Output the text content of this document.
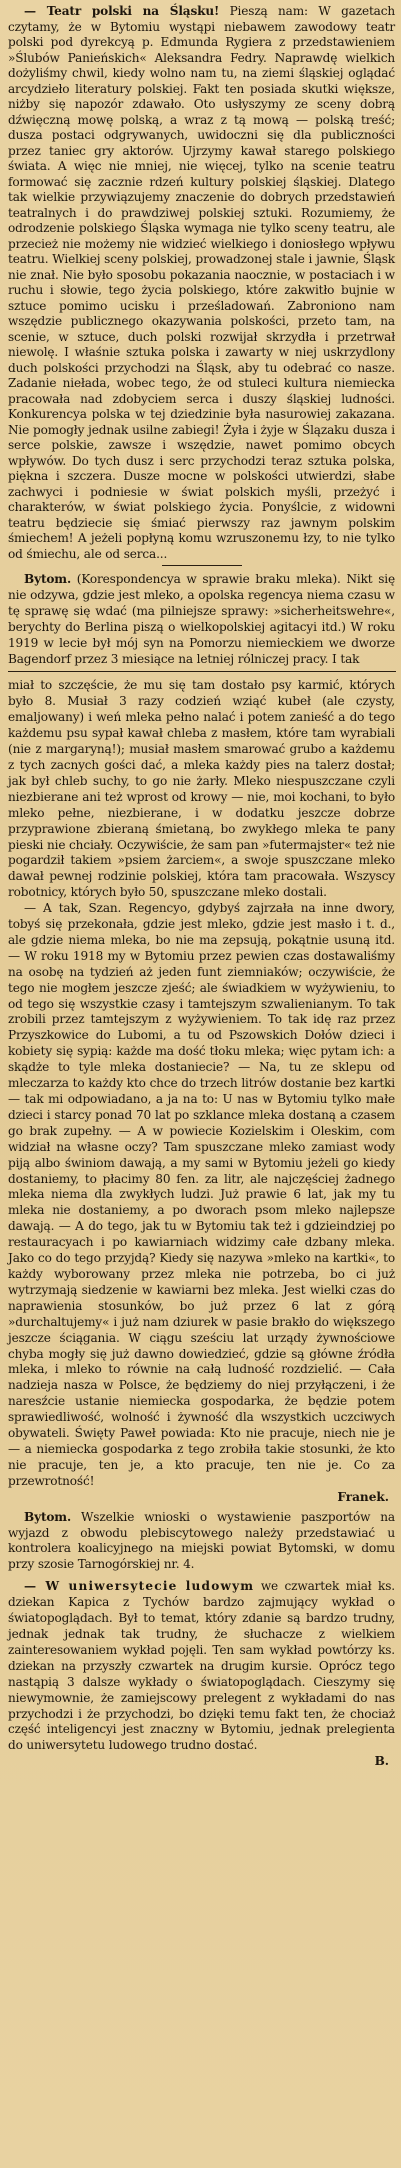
— Teatr polski na Śląsku! Pieszą nam: W gazetach czytamy, że w Bytomiu wystąpi niebawem zawodowy teatr polski pod dyrekcyą p. Edmunda Rygiera z przedstawieniem »Ślubów Panieńskich« Aleksandra Fedry. Naprawdę wielkich dożyliśmy chwil, kiedy wolno nam tu, na ziemi śląskiej oglądać arcydzieło literatury polskiej. Fakt ten posiada skutki większe, niżby się napozór zdawało. Oto usłyszymy ze sceny dobrą dźwięczną mowę polską, a wraz z tą mową — polską treść; dusza postaci odgrywanych, uwidoczni się dla publiczności przez taniec gry aktorów. Ujrzymy kawał starego polskiego świata. A więc nie mniej, nie więcej, tylko na scenie teatru formować się zacznie rdzeń kultury polskiej śląskiej. Dlatego tak wielkie przywiązujemy znaczenie do dobrych przedstawień teatralnych i do prawdziwej polskiej sztuki. Rozumiemy, że odrodzenie polskiego Śląska wymaga nie tylko sceny teatru, ale przecież nie możemy nie widzieć wielkiego i doniosłego wpływu teatru. Wielkiej sceny polskiej, prowadzonej stale i jawnie, Śląsk nie znał. Nie było sposobu pokazania naocznie, w postaciach i w ruchu i słowie, tego życia polskiego, które zakwitło bujnie w sztuce pomimo ucisku i prześladowań. Zabroniono nam wszędzie publicznego okazywania polskości, przeto tam, na scenie, w sztuce, duch polski rozwijał skrzydła i przetrwał niewolę. I właśnie sztuka polska i zawarty w niej uskrzydlony duch polskości przychodzi na Śląsk, aby tu odebrać co nasze. Zadanie niełada, wobec tego, że od stuleci kultura niemiecka pracowała nad zdobyciem serca i duszy śląskiej ludności. Konkurencya polska w tej dziedzinie była nasurowiej zakazana. Nie pomogły jednak usilne zabiegi! Żyła i żyje w Ślązaku dusza i serce polskie, zawsze i wszędzie, nawet pomimo obcych wpływów. Do tych dusz i serc przychodzi teraz sztuka polska, piękna i szczera. Dusze mocne w polskości utwierdzi, słabe zachwyci i podniesie w świat polskich myśli, przeżyć i charakterów, w świat polskiego życia. Ponyślcie, z widowni teatru będziecie się śmiać pierwszy raz jawnym polskim śmiechem! A jeżeli popłyną komu wzruszonemu łzy, to nie tylko od śmiechu, ale od serca...

Bytom. (Korespondencya w sprawie braku mleka). Nikt się nie odzywa, gdzie jest mleko, a opolska regencya niema czasu w tę sprawę się wdać (ma pilniejsze sprawy: »sicherheitswehre«, berychty do Berlina piszą o wielkopolskiej agitacyi itd.) W roku 1919 w lecie był mój syn na Pomorzu niemieckiem we dworze Bagendorf przez 3 miesiące na letniej rólniczej pracy. I tak

miał to szczęście, że mu się tam dostało psy karmić, których było 8. Musiał 3 razy codzień wziąć kubeł (ale czysty, emaljowany) i weń mleka pełno nalać i potem zanieść a do tego każdemu psu sypał kawał chleba z masłem, które tam wyrabiali (nie z margaryną!); musiał masłem smarować grubo a każdemu z tych zacnych gości dać, a mleka każdy pies na talerz dostał; jak był chleb suchy, to go nie żarły. Mleko niespuszczane czyli niezbierane ani też wprost od krowy — nie, moi kochani, to było mleko pełne, niezbierane, i w dodatku jeszcze dobrze przyprawione zbieraną śmietaną, bo zwykłego mleka te pany pieski nie chciały. Oczywiście, że sam pan »futermajster« też nie pogardził takiem »psiem żarciem«, a swoje spuszczane mleko dawał pewnej rodzinie polskiej, która tam pracowała. Wszyscy robotnicy, których było 50, spuszczane mleko dostali.

— A tak, Szan. Regencyo, gdybyś zajrzała na inne dwory, tobyś się przekonała, gdzie jest mleko, gdzie jest masło i t. d., ale gdzie niema mleka, bo nie ma zepsują, pokątnie usuną itd. — W roku 1918 my w Bytomiu przez pewien czas dostawaliśmy na osobę na tydzień aż jeden funt ziemniaków; oczywiście, że tego nie mogłem jeszcze zjeść; ale świadkiem w wyżywieniu, to od tego się wszystkie czasy i tamtejszym szwalienianym. To tak zrobili przez tamtejszym z wyżywieniem. To tak idę raz przez Przyszkowice do Lubomi, a tu od Pszowskich Dołów dzieci i kobiety się sypią: każde ma dość tłoku mleka; więc pytam ich: a skądże to tyle mleka dostaniecie? — Na, tu ze sklepu od mleczarza to każdy kto chce do trzech litrów dostanie bez kartki — tak mi odpowiadano, a ja na to: U nas w Bytomiu tylko małe dzieci i starcy ponad 70 lat po szklance mleka dostaną a czasem go brak zupełny. — A w powiecie Kozielskim i Oleskim, com widział na własne oczy? Tam spuszczane mleko zamiast wody piją albo świniom dawają, a my sami w Bytomiu jeżeli go kiedy dostaniemy, to płacimy 80 fen. za litr, ale najczęściej żadnego mleka niema dla zwykłych ludzi. Już prawie 6 lat, jak my tu mleka nie dostaniemy, a po dworach psom mleko najlepsze dawają. — A do tego, jak tu w Bytomiu tak też i gdzieindziej po restauracyach i po kawiarniach widzimy całe dzbany mleka. Jako co do tego przyjdą? Kiedy się nazywa »mleko na kartki«, to każdy wyborowany przez mleka nie potrzeba, bo ci już wytrzymają siedzenie w kawiarni bez mleka. Jest wielki czas do naprawienia stosunków, bo już przez 6 lat z górą »durchaltujemy« i już nam dziurek w pasie brakło do większego jeszcze ściągania. W ciągu sześciu lat urządy żywnościowe chyba mogły się już dawno dowiedzieć, gdzie są główne źródła mleka, i mleko to równie na całą ludność rozdzielić. — Cała nadzieja nasza w Polsce, że będziemy do niej przyłączeni, i że naresźcie ustanie niemiecka gospodarka, że będzie potem sprawiedliwość, wolność i żywność dla wszystkich uczciwych obywateli. Święty Paweł powiada: Kto nie pracuje, niech nie je — a niemiecka gospodarka z tego zrobiła takie stosunki, że kto nie pracuje, ten je, a kto pracuje, ten nie je. Co za przewrotność!

Franek.

Bytom. Wszelkie wnioski o wystawienie paszportów na wyjazd z obwodu plebiscytowego należy przedstawiać u kontrolera koalicyjnego na miejski powiat Bytomski, w domu przy szosie Tarnogórskiej nr. 4.

— W uniwersytecie ludowym we czwartek miał ks. dziekan Kapica z Tychów bardzo zajmujący wykład o światopoglądach. Był to temat, który zdanie są bardzo trudny, jednak jednak tak trudny, że słuchacze z wielkiem zainteresowaniem wykład pojęli. Ten sam wykład powtórzy ks. dziekan na przyszły czwartek na drugim kursie. Oprócz tego nastąpią 3 dalsze wykłady o światopoglądach. Cieszymy się niewymownie, że zamiejscowy prelegent z wykładami do nas przychodzi i że przychodzi, bo dzięki temu fakt ten, że chociaż część inteligencyi jest znaczny w Bytomiu, jednak prelegienta do uniwersytetu ludowego trudno dostać.

B.
